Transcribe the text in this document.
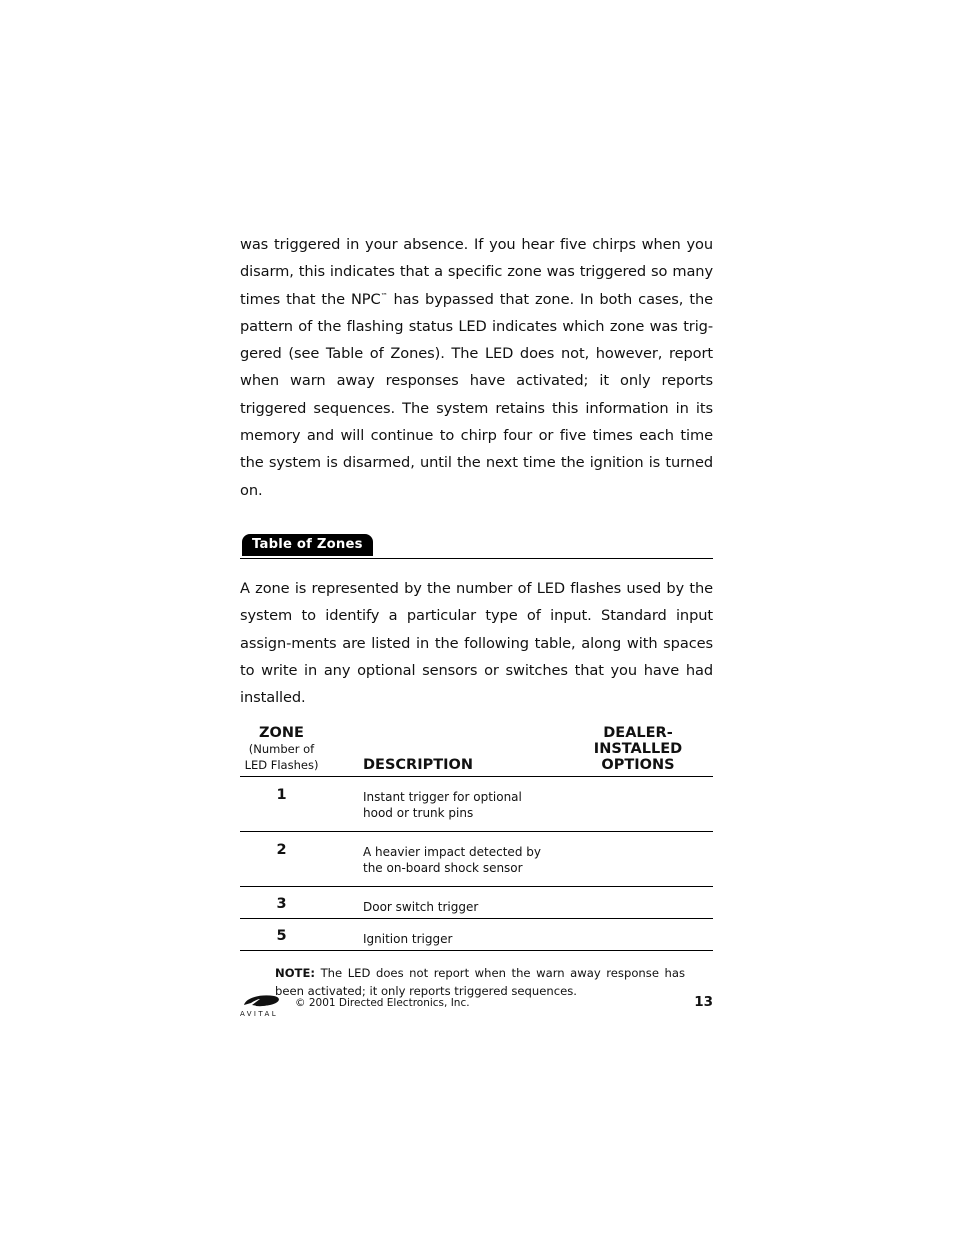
was triggered in your absence. If you hear five chirps when you disarm, this indicates that a specific zone was triggered so many times that the NPC™ has bypassed that zone. In both cases, the pattern of the flashing status LED indicates which zone was trig-gered (see Table of Zones). The LED does not, however, report when warn away responses have activated; it only reports triggered sequences. The system retains this information in its memory and will continue to chirp four or five times each time the system is disarmed, until the next time the ignition is turned on.

Table of Zones

A zone is represented by the number of LED flashes used by the system to identify a particular type of input. Standard input assign-ments are listed in the following table, along with spaces to write in any optional sensors or switches that you have had installed.

ZONE
(Number of
LED Flashes)	DESCRIPTION	DEALER-INSTALLED
OPTIONS

1	Instant trigger for optional
hood or trunk pins	
2	A heavier impact detected by
the on-board shock sensor	
3	Door switch trigger	
5	Ignition trigger	
NOTE: The LED does not report when the warn away response has been activated; it only reports triggered sequences.
AVITAL
© 2001 Directed Electronics, Inc.	13
